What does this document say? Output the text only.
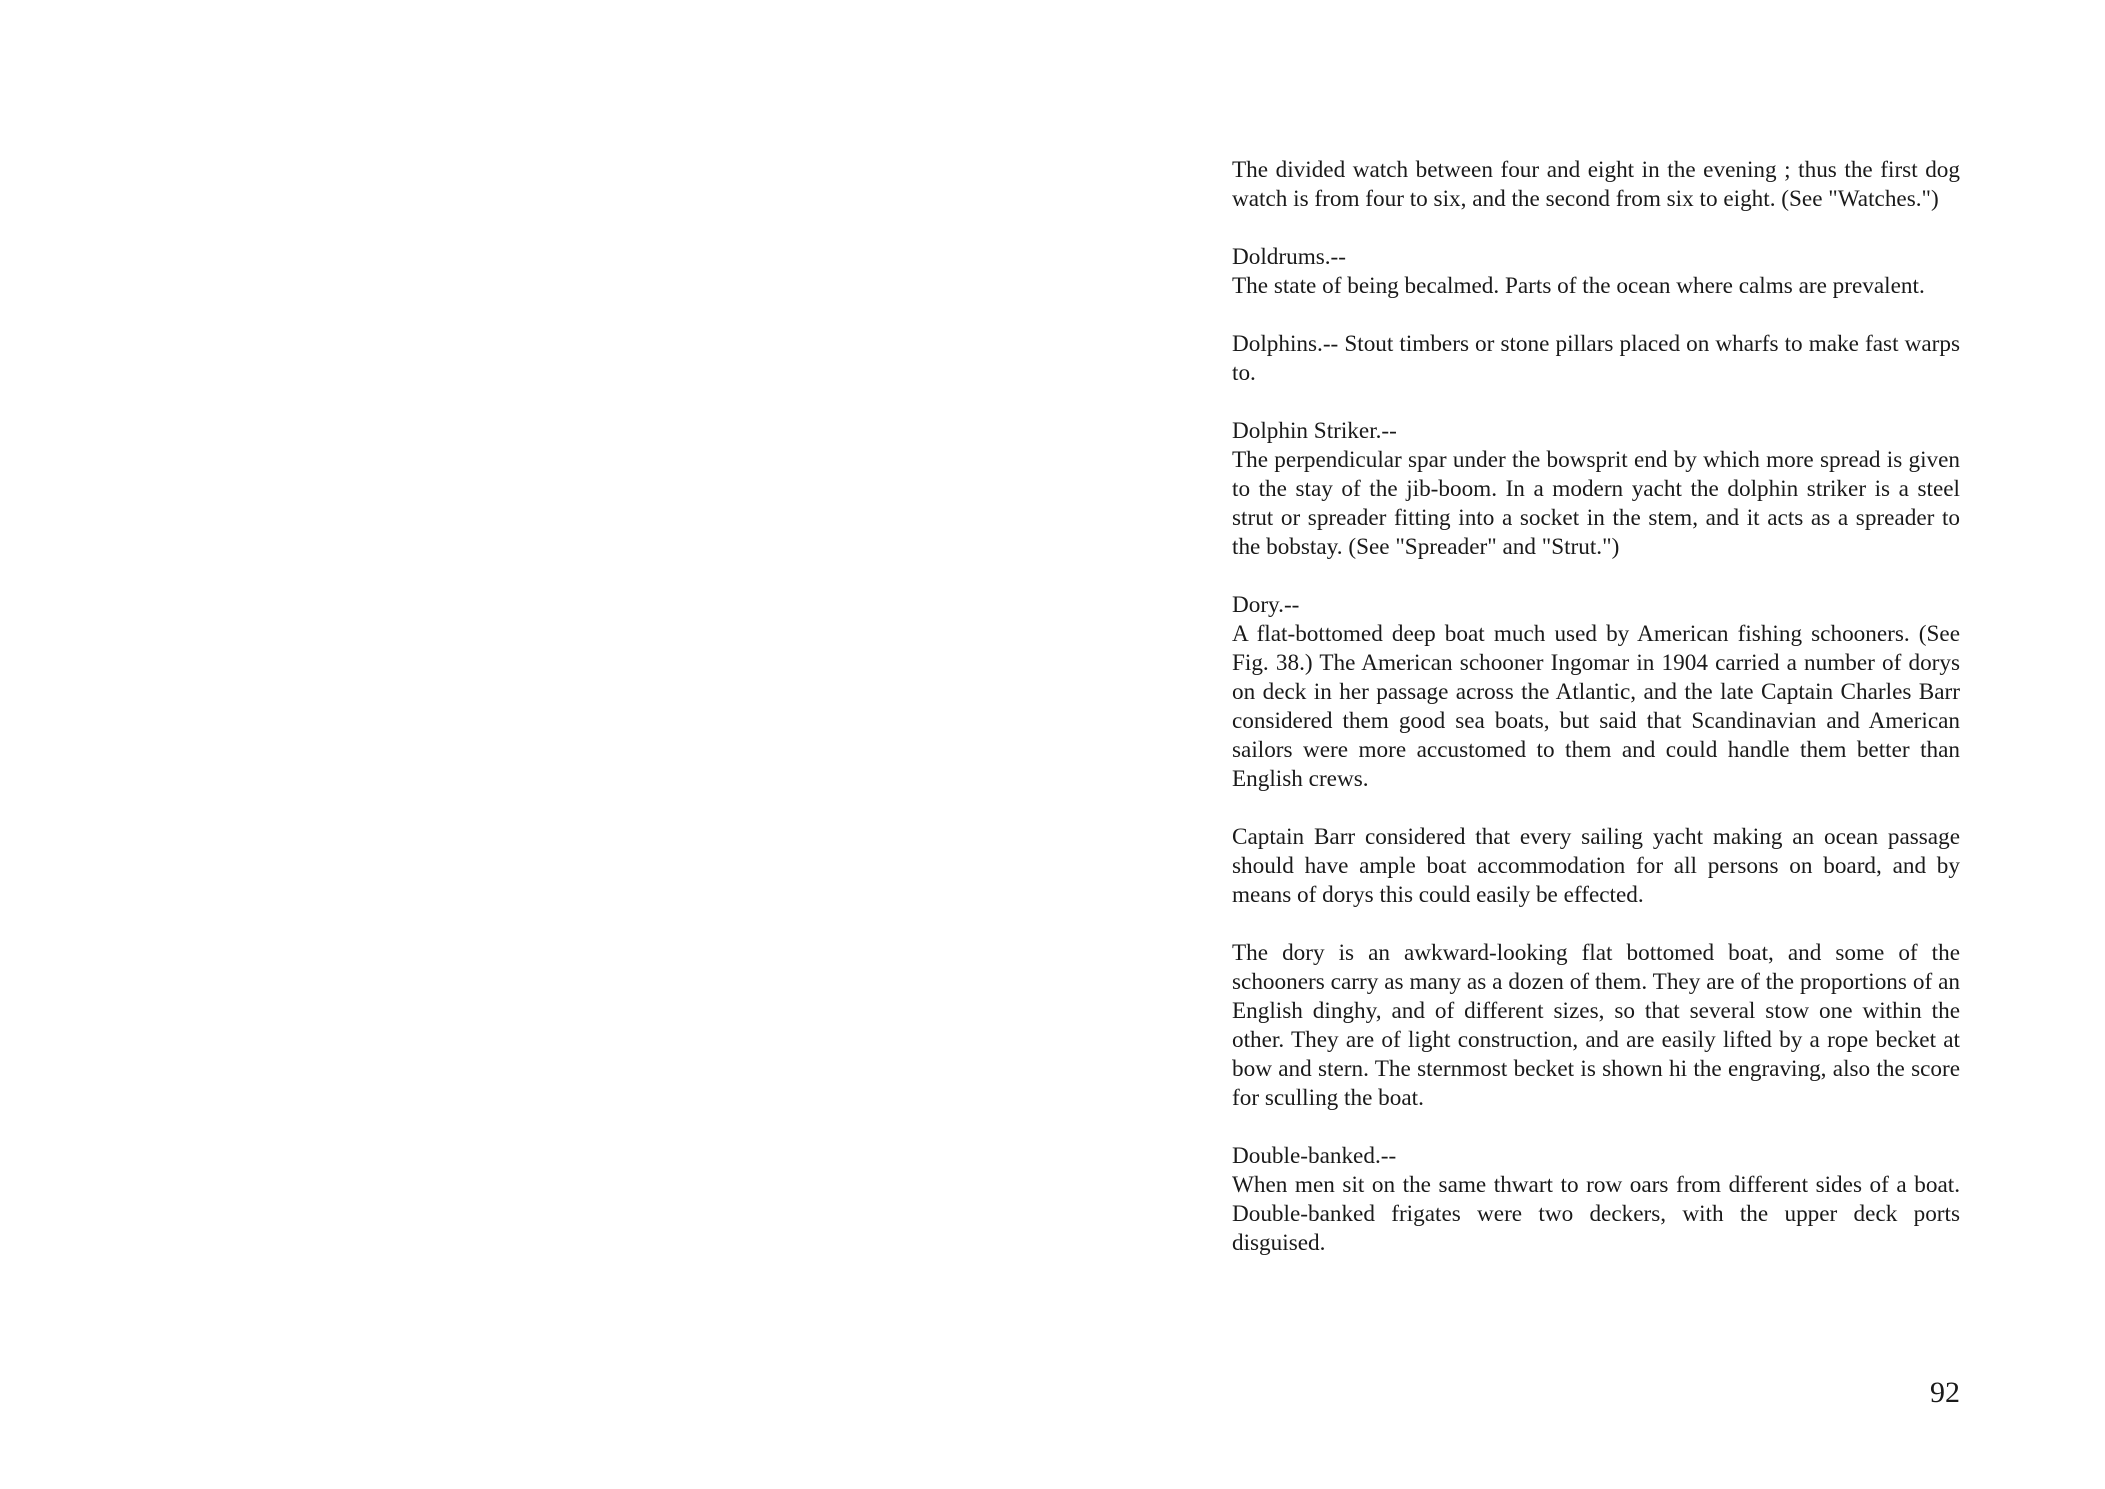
The divided watch between four and eight in the evening ; thus the first dog watch is from four to six, and the second from six to eight. (See "Watches.")

Doldrums.--
The state of being becalmed. Parts of the ocean where calms are prevalent.

Dolphins.-- Stout timbers or stone pillars placed on wharfs to make fast warps to.

Dolphin Striker.--
The perpendicular spar under the bowsprit end by which more spread is given to the stay of the jib-boom. In a modern yacht the dolphin striker is a steel strut or spreader fitting into a socket in the stem, and it acts as a spreader to the bobstay. (See "Spreader" and "Strut.")

Dory.--
A flat-bottomed deep boat much used by American fishing schooners. (See Fig. 38.) The American schooner Ingomar in 1904 carried a number of dorys on deck in her passage across the Atlantic, and the late Captain Charles Barr considered them good sea boats, but said that Scandinavian and American sailors were more accustomed to them and could handle them better than English crews.

Captain Barr considered that every sailing yacht making an ocean passage should have ample boat accommodation for all persons on board, and by means of dorys this could easily be effected.

The dory is an awkward-looking flat bottomed boat, and some of the schooners carry as many as a dozen of them. They are of the proportions of an English dinghy, and of different sizes, so that several stow one within the other. They are of light construction, and are easily lifted by a rope becket at bow and stern. The sternmost becket is shown hi the engraving, also the score for sculling the boat.

Double-banked.--
When men sit on the same thwart to row oars from different sides of a boat. Double-banked frigates were two deckers, with the upper deck ports disguised.

92
